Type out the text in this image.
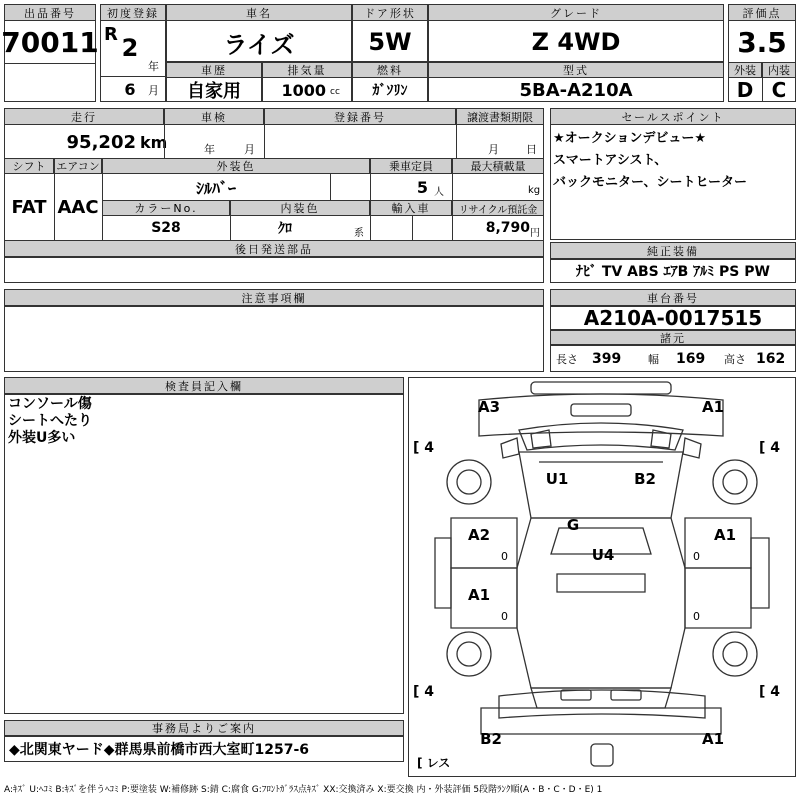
出品番号
70011
初度登録
R 2
年
6	月
車名
ライズ
ドア形状
5W
グレード
Z 4WD
評価点
3.5
外装	内装
D C
車歴
自家用
排気量
1000 cc
燃料
ｶﾞｿﾘﾝ
型式
5BA-A210A
走行
95,202 km
車検
年	月
登録番号	譲渡書類期限
月 日
シフト
FAT
エアコン
AAC
外装色
ｼﾙﾊﾞｰ
乗車定員
5 人
最大積載量
kg
カラーNo.
S28
内装色
ｸﾛ	系
輸入車	リサイクル預託金
8,790 円
後日発送部品
セールスポイント
★オークションデビュー★
スマートアシスト、
バックモニター、シートヒーター
純正装備
ﾅﾋﾞ TV ABS ｴｱB ｱﾙﾐ PS PW
注意事項欄	車台番号
A210A-0017515
諸元
長さ	399	幅	169	高さ 162
検査員記入欄
コンソール傷
シートへたり
外装U多い
事務局よりご案内
◆北関東ヤード◆群馬県前橋市西大室町1257-6
A3	A1
U1	B2
G
U4
A2
A1
A1
B2	A1
0
0
0
0
[ 4	[ 4
[ 4	[ 4
[ レス
A:ｷｽﾞ U:ﾍｺﾐ B:ｷｽﾞを伴うﾍｺﾐ P:要塗装 W:補修跡 S:錆 C:腐食 G:ﾌﾛﾝﾄｶﾞﾗｽ点ｷｽﾞ XX:交換済み X:要交換 内・外装評価 5段階ﾗﾝｸ順(A・B・C・D・E) 1
